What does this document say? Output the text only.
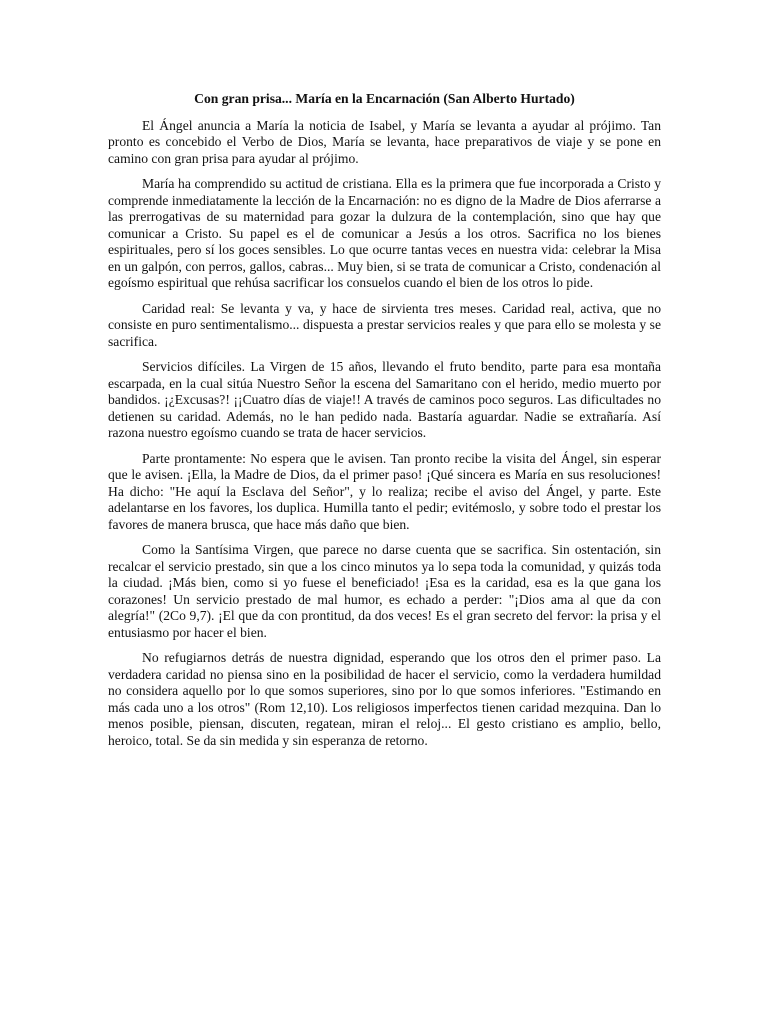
Con gran prisa... María en la Encarnación (San Alberto Hurtado)

El Ángel anuncia a María la noticia de Isabel, y María se levanta a ayudar al prójimo. Tan pronto es concebido el Verbo de Dios, María se levanta, hace preparativos de viaje y se pone en camino con gran prisa para ayudar al prójimo.

María ha comprendido su actitud de cristiana. Ella es la primera que fue incorporada a Cristo y comprende inmediatamente la lección de la Encarnación: no es digno de la Madre de Dios aferrarse a las prerrogativas de su maternidad para gozar la dulzura de la contemplación, sino que hay que comunicar a Cristo. Su papel es el de comunicar a Jesús a los otros. Sacrifica no los bienes espirituales, pero sí los goces sensibles. Lo que ocurre tantas veces en nuestra vida: celebrar la Misa en un galpón, con perros, gallos, cabras... Muy bien, si se trata de comunicar a Cristo, condenación al egoísmo espiritual que rehúsa sacrificar los consuelos cuando el bien de los otros lo pide.

Caridad real: Se levanta y va, y hace de sirvienta tres meses. Caridad real, activa, que no consiste en puro sentimentalismo... dispuesta a prestar servicios reales y que para ello se molesta y se sacrifica.

Servicios difíciles. La Virgen de 15 años, llevando el fruto bendito, parte para esa montaña escarpada, en la cual sitúa Nuestro Señor la escena del Samaritano con el herido, medio muerto por bandidos. ¡¿Excusas?! ¡¡Cuatro días de viaje!! A través de caminos poco seguros. Las dificultades no detienen su caridad. Además, no le han pedido nada. Bastaría aguardar. Nadie se extrañaría. Así razona nuestro egoísmo cuando se trata de hacer servicios.

Parte prontamente: No espera que le avisen. Tan pronto recibe la visita del Ángel, sin esperar que le avisen. ¡Ella, la Madre de Dios, da el primer paso! ¡Qué sincera es María en sus resoluciones! Ha dicho: "He aquí la Esclava del Señor", y lo realiza; recibe el aviso del Ángel, y parte. Este adelantarse en los favores, los duplica. Humilla tanto el pedir; evitémoslo, y sobre todo el prestar los favores de manera brusca, que hace más daño que bien.

Como la Santísima Virgen, que parece no darse cuenta que se sacrifica. Sin ostentación, sin recalcar el servicio prestado, sin que a los cinco minutos ya lo sepa toda la comunidad, y quizás toda la ciudad. ¡Más bien, como si yo fuese el beneficiado! ¡Esa es la caridad, esa es la que gana los corazones! Un servicio prestado de mal humor, es echado a perder: "¡Dios ama al que da con alegría!" (2Co 9,7). ¡El que da con prontitud, da dos veces! Es el gran secreto del fervor: la prisa y el entusiasmo por hacer el bien.

No refugiarnos detrás de nuestra dignidad, esperando que los otros den el primer paso. La verdadera caridad no piensa sino en la posibilidad de hacer el servicio, como la verdadera humildad no considera aquello por lo que somos superiores, sino por lo que somos inferiores. "Estimando en más cada uno a los otros" (Rom 12,10). Los religiosos imperfectos tienen caridad mezquina. Dan lo menos posible, piensan, discuten, regatean, miran el reloj... El gesto cristiano es amplio, bello, heroico, total. Se da sin medida y sin esperanza de retorno.
